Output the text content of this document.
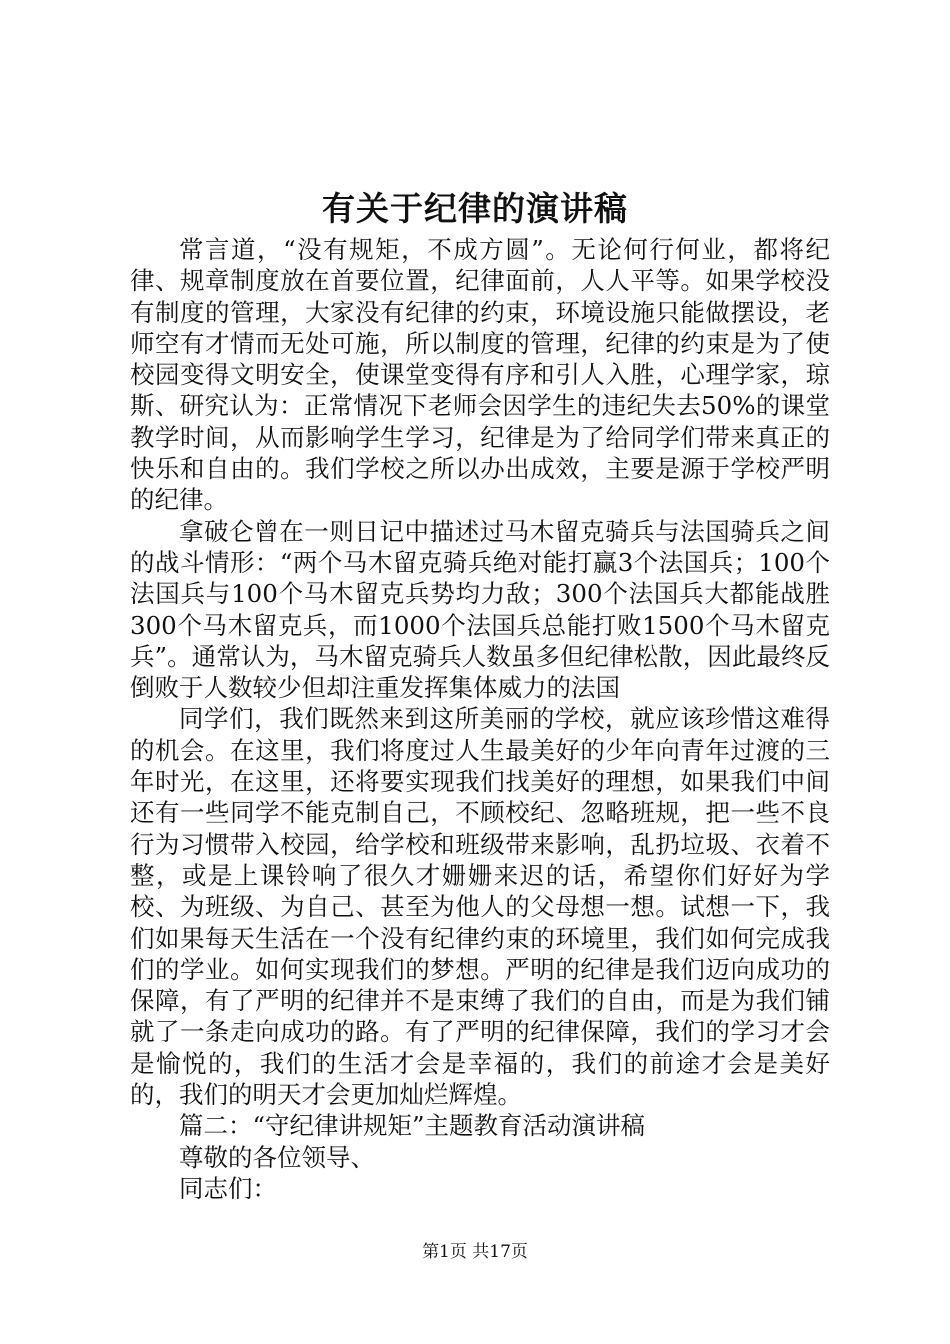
有关于纪律的演讲稿

常言道，“没有规矩，不成方圆”。无论何行何业，都将纪律、规章制度放在首要位置，纪律面前，人人平等。如果学校没有制度的管理，大家没有纪律的约束，环境设施只能做摆设，老师空有才情而无处可施，所以制度的管理，纪律的约束是为了使校园变得文明安全，使课堂变得有序和引人入胜，心理学家，琼斯、研究认为：正常情况下老师会因学生的违纪失去50%的课堂教学时间，从而影响学生学习，纪律是为了给同学们带来真正的快乐和自由的。我们学校之所以办出成效，主要是源于学校严明的纪律。

拿破仑曾在一则日记中描述过马木留克骑兵与法国骑兵之间的战斗情形：“两个马木留克骑兵绝对能打赢3个法国兵；100个法国兵与100个马木留克兵势均力敌；300个法国兵大都能战胜300个马木留克兵，而1000个法国兵总能打败1500个马木留克兵”。通常认为，马木留克骑兵人数虽多但纪律松散，因此最终反倒败于人数较少但却注重发挥集体威力的法国

同学们，我们既然来到这所美丽的学校，就应该珍惜这难得的机会。在这里，我们将度过人生最美好的少年向青年过渡的三年时光，在这里，还将要实现我们找美好的理想，如果我们中间还有一些同学不能克制自己，不顾校纪、忽略班规，把一些不良行为习惯带入校园，给学校和班级带来影响，乱扔垃圾、衣着不整，或是上课铃响了很久才姗姗来迟的话，希望你们好好为学校、为班级、为自己、甚至为他人的父母想一想。试想一下，我们如果每天生活在一个没有纪律约束的环境里，我们如何完成我们的学业。如何实现我们的梦想。严明的纪律是我们迈向成功的保障，有了严明的纪律并不是束缚了我们的自由，而是为我们铺就了一条走向成功的路。有了严明的纪律保障，我们的学习才会是愉悦的，我们的生活才会是幸福的，我们的前途才会是美好的，我们的明天才会更加灿烂辉煌。

篇二：“守纪律讲规矩”主题教育活动演讲稿

尊敬的各位领导、

同志们：

第1页 共17页
